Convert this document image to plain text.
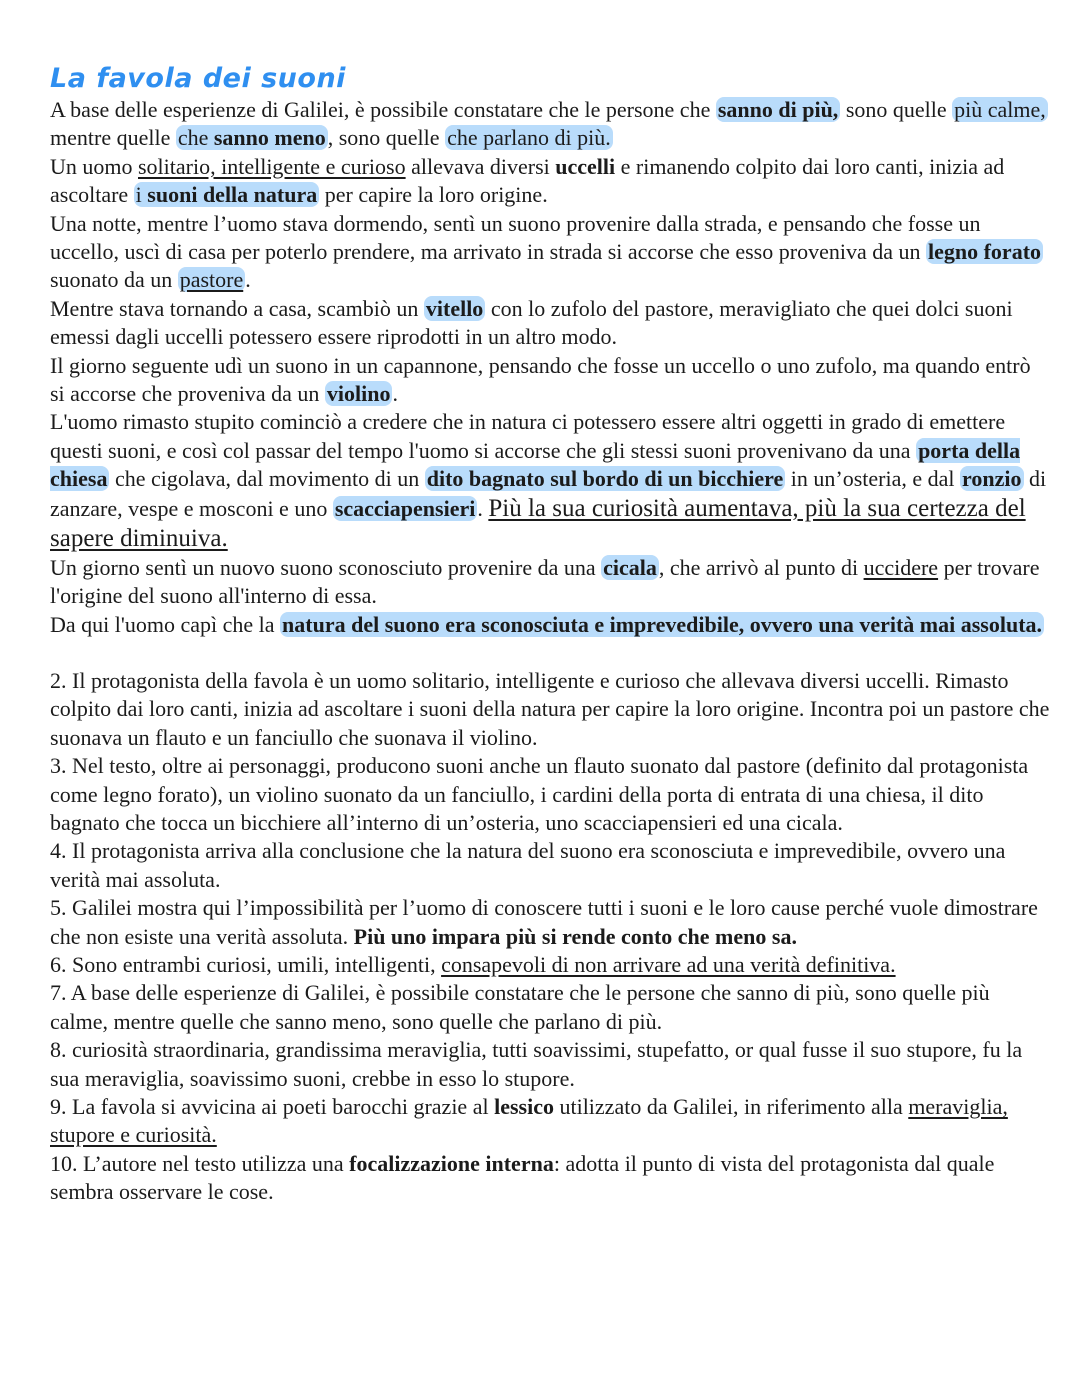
La favola dei suoni

A base delle esperienze di Galilei, è possibile constatare che le persone che sanno di più, sono quelle più calme, mentre quelle che sanno meno, sono quelle che parlano di più.

Un uomo solitario, intelligente e curioso allevava diversi uccelli e rimanendo colpito dai loro canti, inizia ad ascoltare i suoni della natura per capire la loro origine.

Una notte, mentre l’uomo stava dormendo, sentì un suono provenire dalla strada, e pensando che fosse un uccello, uscì di casa per poterlo prendere, ma arrivato in strada si accorse che esso proveniva da un legno forato suonato da un pastore.

Mentre stava tornando a casa, scambiò un vitello con lo zufolo del pastore, meravigliato che quei dolci suoni emessi dagli uccelli potessero essere riprodotti in un altro modo.

Il giorno seguente udì un suono in un capannone, pensando che fosse un uccello o uno zufolo, ma quando entrò si accorse che proveniva da un violino.

L'uomo rimasto stupito cominciò a credere che in natura ci potessero essere altri oggetti in grado di emettere questi suoni, e così col passar del tempo l'uomo si accorse che gli stessi suoni provenivano da una porta della chiesa che cigolava, dal movimento di un dito bagnato sul bordo di un bicchiere in un’osteria, e dal ronzio di zanzare, vespe e mosconi e uno scacciapensieri. Più la sua curiosità aumentava, più la sua certezza del sapere diminuiva.

Un giorno sentì un nuovo suono sconosciuto provenire da una cicala, che arrivò al punto di uccidere per trovare l'origine del suono all'interno di essa.

Da qui l'uomo capì che la natura del suono era sconosciuta e imprevedibile, ovvero una verità mai assoluta.

2. Il protagonista della favola è un uomo solitario, intelligente e curioso che allevava diversi uccelli. Rimasto colpito dai loro canti, inizia ad ascoltare i suoni della natura per capire la loro origine. Incontra poi un pastore che suonava un flauto e un fanciullo che suonava il violino.

3. Nel testo, oltre ai personaggi, producono suoni anche un flauto suonato dal pastore (definito dal protagonista come legno forato), un violino suonato da un fanciullo, i cardini della porta di entrata di una chiesa, il dito bagnato che tocca un bicchiere all’interno di un’osteria, uno scacciapensieri ed una cicala.

4. Il protagonista arriva alla conclusione che la natura del suono era sconosciuta e imprevedibile, ovvero una verità mai assoluta.

5. Galilei mostra qui l’impossibilità per l’uomo di conoscere tutti i suoni e le loro cause perché vuole dimostrare che non esiste una verità assoluta. Più uno impara più si rende conto che meno sa.

6. Sono entrambi curiosi, umili, intelligenti, consapevoli di non arrivare ad una verità definitiva.

7. A base delle esperienze di Galilei, è possibile constatare che le persone che sanno di più, sono quelle più calme, mentre quelle che sanno meno, sono quelle che parlano di più.

8. curiosità straordinaria, grandissima meraviglia, tutti soavissimi, stupefatto, or qual fusse il suo stupore, fu la sua meraviglia, soavissimo suoni, crebbe in esso lo stupore.

9. La favola si avvicina ai poeti barocchi grazie al lessico utilizzato da Galilei, in riferimento alla meraviglia, stupore e curiosità.

10. L’autore nel testo utilizza una focalizzazione interna: adotta il punto di vista del protagonista dal quale sembra osservare le cose.
